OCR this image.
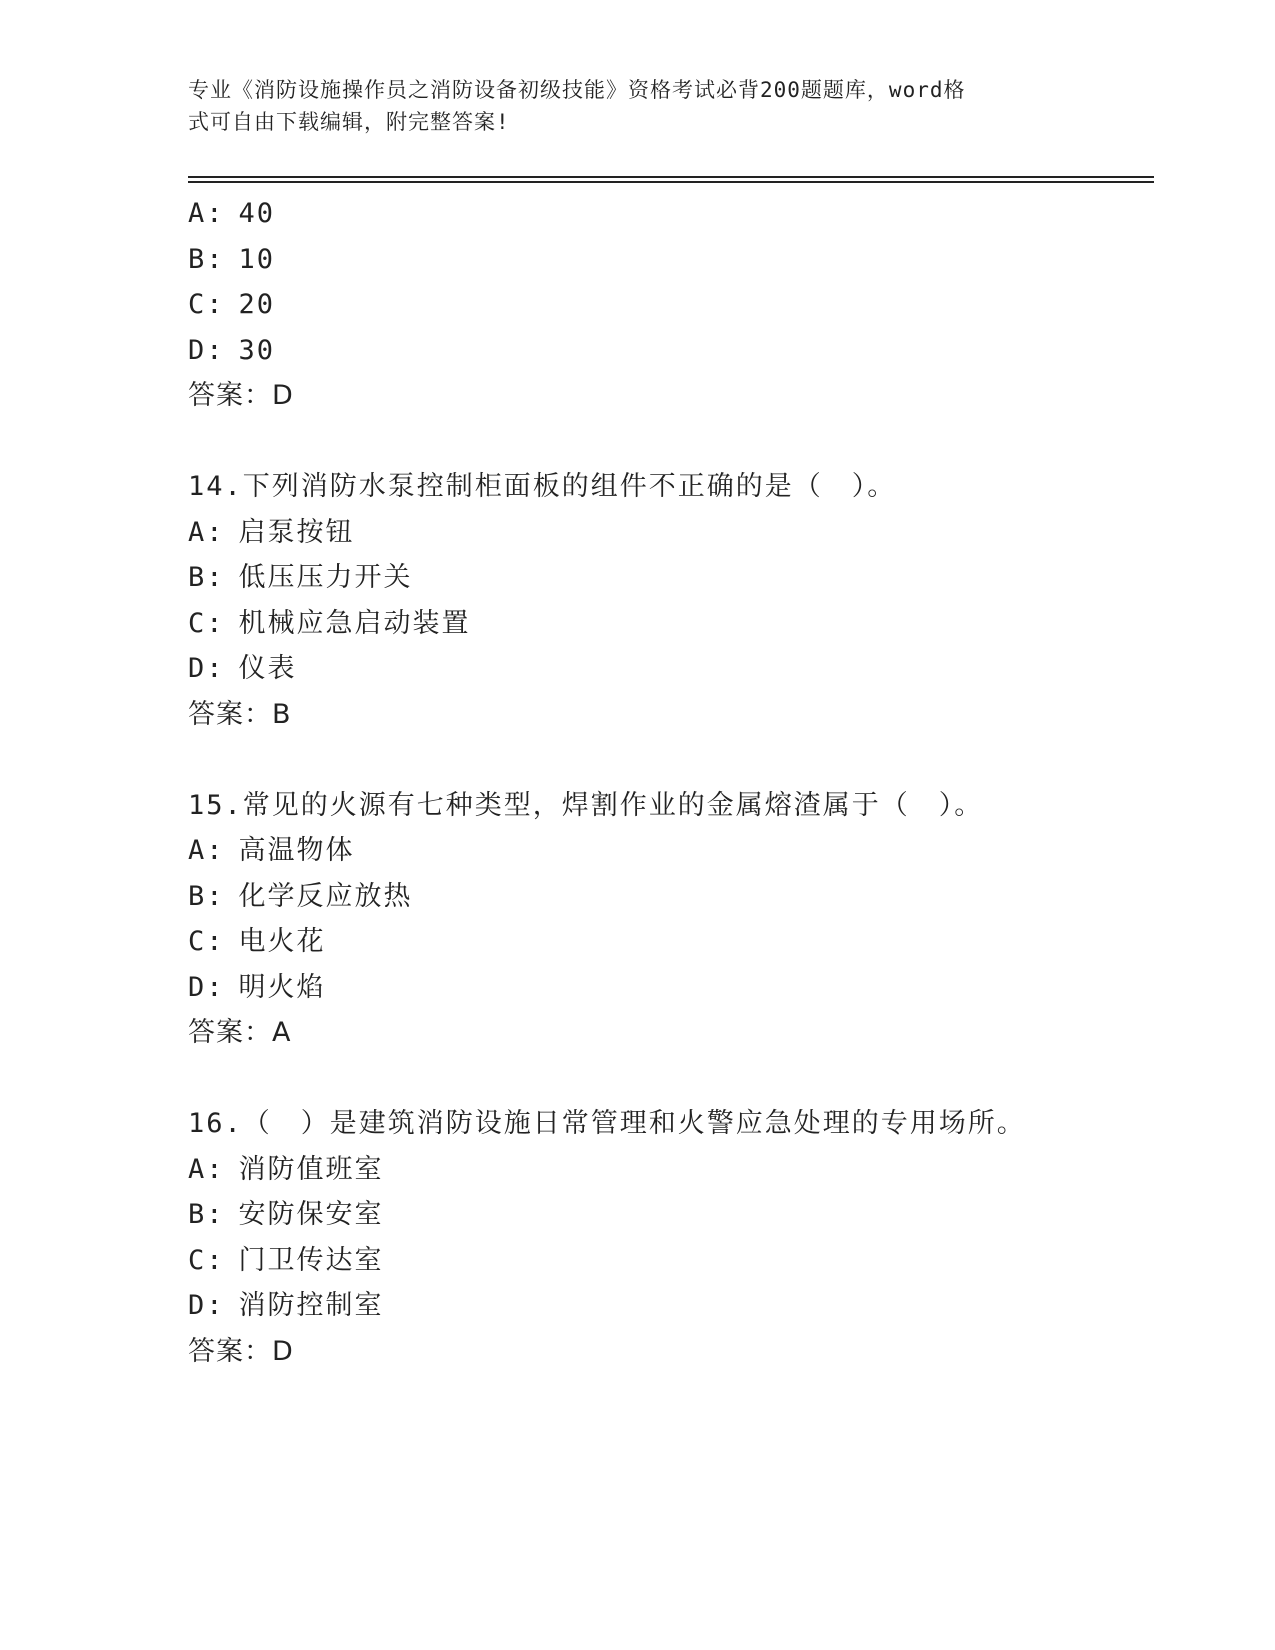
专业《消防设施操作员之消防设备初级技能》资格考试必背200题题库，word格
式可自由下载编辑，附完整答案!
A: 40
B: 10
C: 20
D: 30
答案：D
14.下列消防水泵控制柜面板的组件不正确的是（　）。
A: 启泵按钮
B: 低压压力开关
C: 机械应急启动装置
D: 仪表
答案：B
15.常见的火源有七种类型，焊割作业的金属熔渣属于（　）。
A: 高温物体
B: 化学反应放热
C: 电火花
D: 明火焰
答案：A
16.（　）是建筑消防设施日常管理和火警应急处理的专用场所。
A: 消防值班室
B: 安防保安室
C: 门卫传达室
D: 消防控制室
答案：D
